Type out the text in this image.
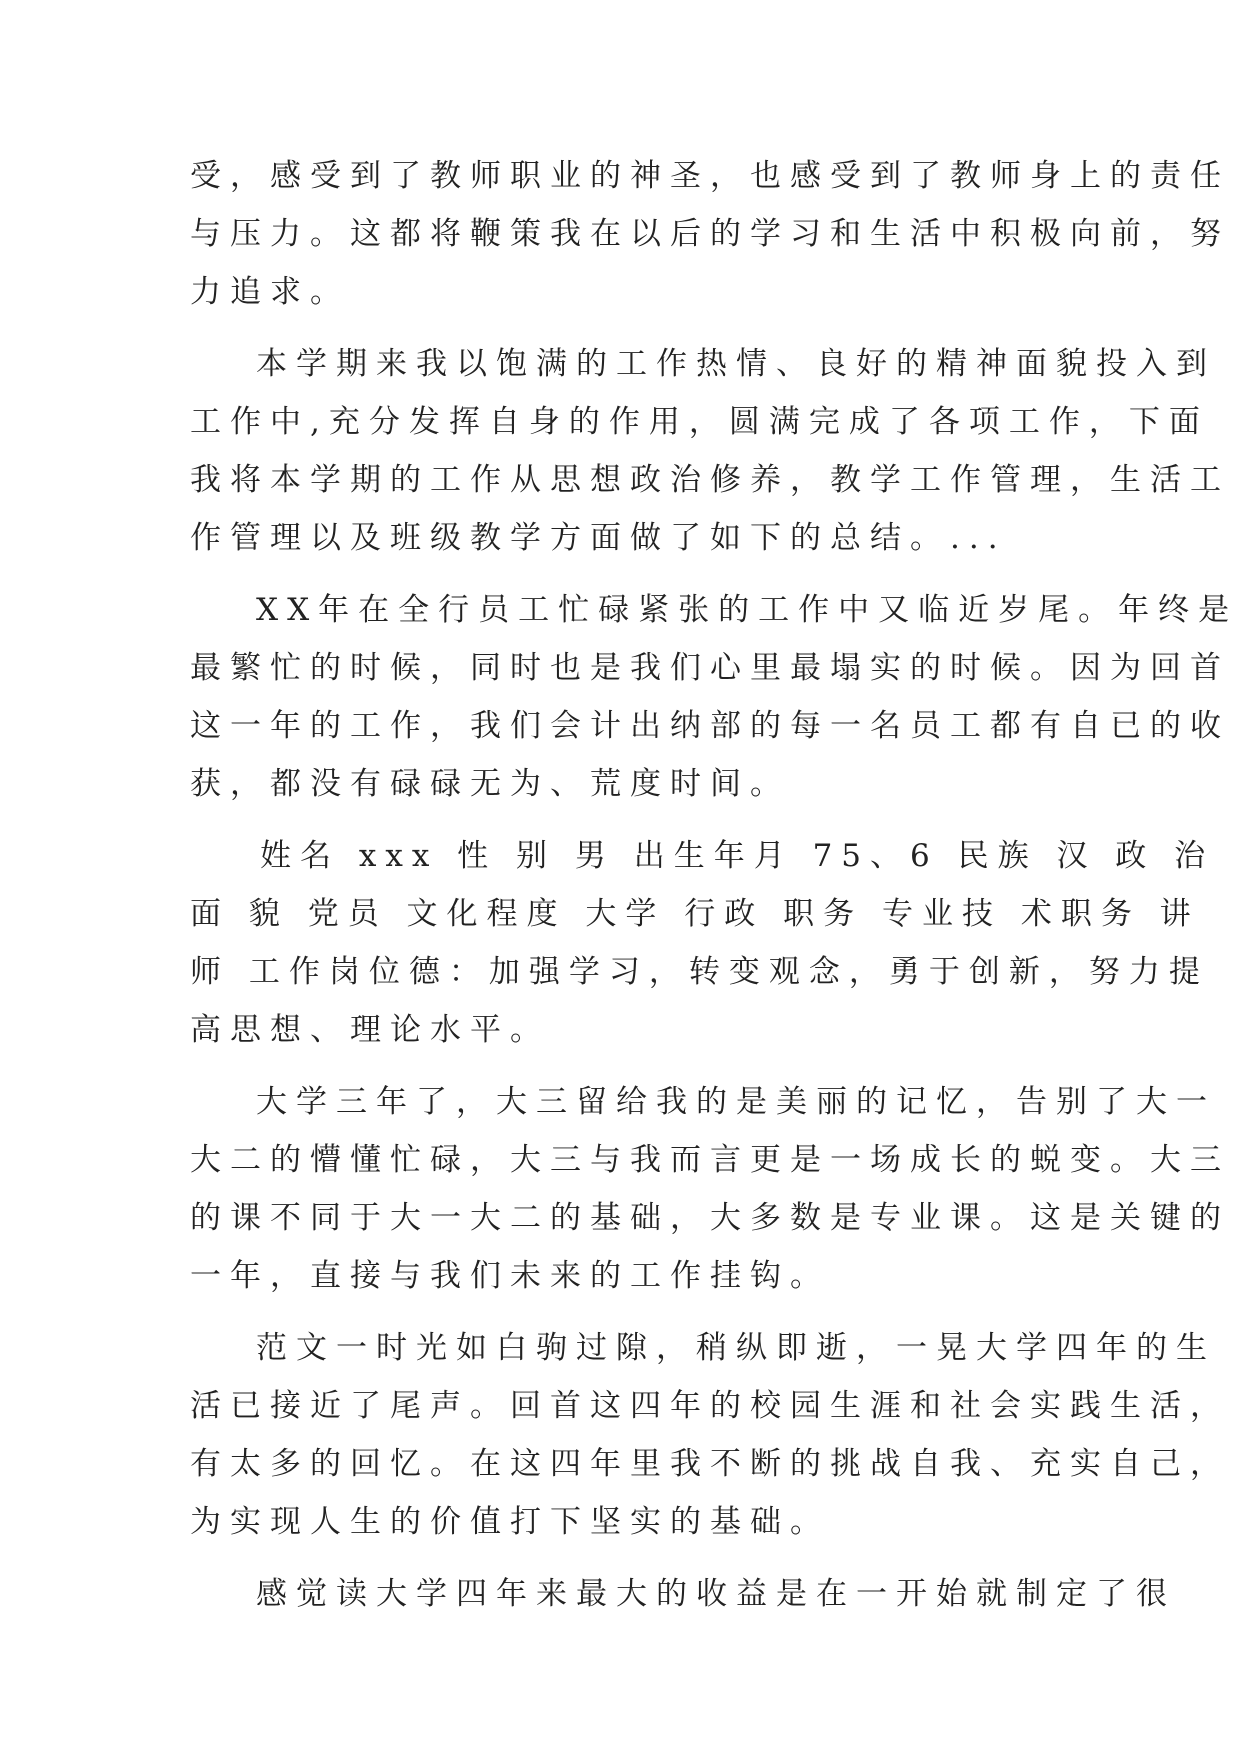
受，感受到了教师职业的神圣，也感受到了教师身上的责任
与压力。这都将鞭策我在以后的学习和生活中积极向前，努
力追求。
本学期来我以饱满的工作热情、良好的精神面貌投入到
工作中,充分发挥自身的作用，圆满完成了各项工作，下面
我将本学期的工作从思想政治修养，教学工作管理，生活工
作管理以及班级教学方面做了如下的总结。...
XX年在全行员工忙碌紧张的工作中又临近岁尾。年终是
最繁忙的时候，同时也是我们心里最塌实的时候。因为回首
这一年的工作，我们会计出纳部的每一名员工都有自已的收
获，都没有碌碌无为、荒度时间。
姓名 xxx 性 别 男 出生年月 75、6 民族 汉 政 治
面 貌 党员 文化程度 大学 行政 职务 专业技 术职务 讲
师 工作岗位德：加强学习，转变观念，勇于创新，努力提
高思想、理论水平。
大学三年了，大三留给我的是美丽的记忆，告别了大一
大二的懵懂忙碌，大三与我而言更是一场成长的蜕变。大三
的课不同于大一大二的基础，大多数是专业课。这是关键的
一年，直接与我们未来的工作挂钩。
范文一时光如白驹过隙，稍纵即逝，一晃大学四年的生
活已接近了尾声。回首这四年的校园生涯和社会实践生活，
有太多的回忆。在这四年里我不断的挑战自我、充实自己，
为实现人生的价值打下坚实的基础。
感觉读大学四年来最大的收益是在一开始就制定了很
